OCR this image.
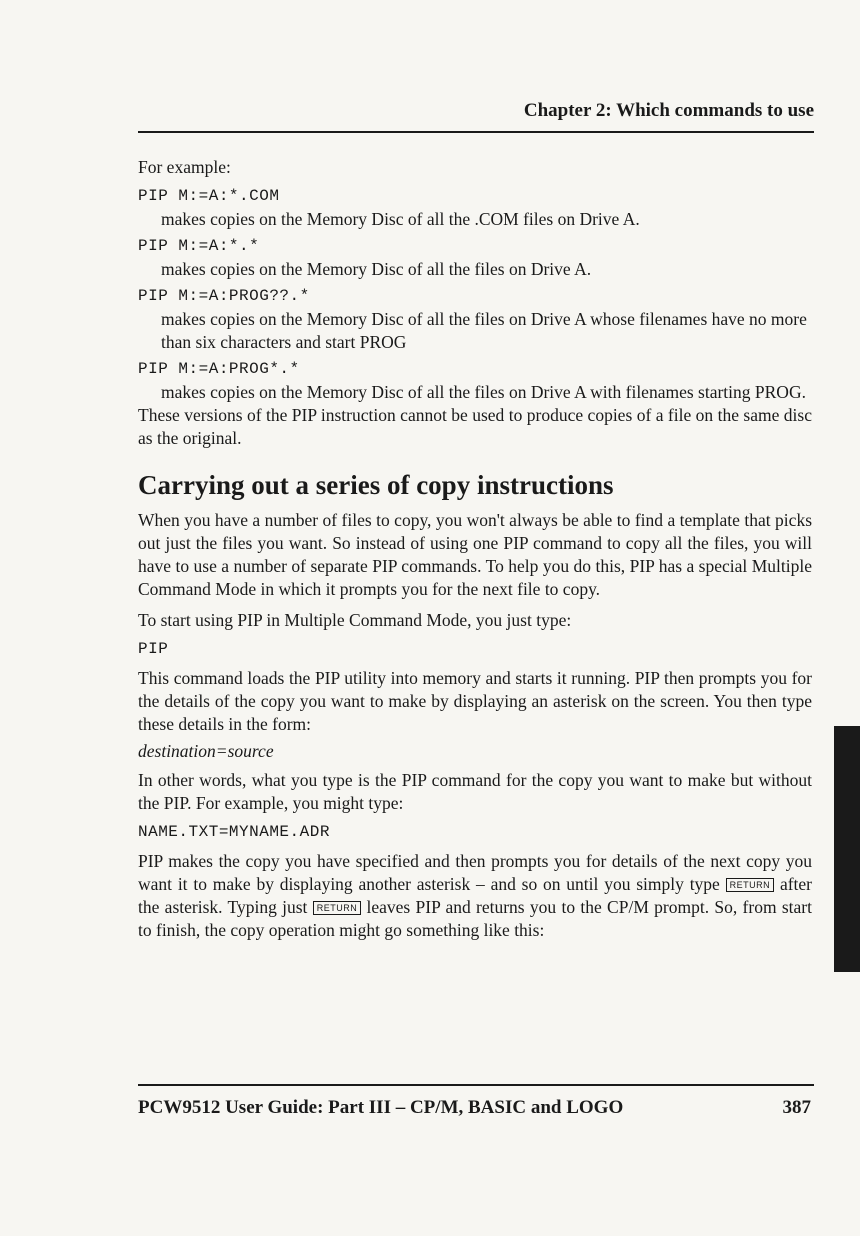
Chapter 2: Which commands to use

For example:

PIP M:=A:*.COM

makes copies on the Memory Disc of all the .COM files on Drive A.

PIP M:=A:*.*

makes copies on the Memory Disc of all the files on Drive A.

PIP M:=A:PROG??.*

makes copies on the Memory Disc of all the files on Drive A whose filenames have no more than six characters and start PROG

PIP M:=A:PROG*.*

makes copies on the Memory Disc of all the files on Drive A with filenames starting PROG.

These versions of the PIP instruction cannot be used to produce copies of a file on the same disc as the original.

Carrying out a series of copy instructions

When you have a number of files to copy, you won't always be able to find a template that picks out just the files you want. So instead of using one PIP command to copy all the files, you will have to use a number of separate PIP commands. To help you do this, PIP has a special Multiple Command Mode in which it prompts you for the next file to copy.

To start using PIP in Multiple Command Mode, you just type:

PIP

This command loads the PIP utility into memory and starts it running. PIP then prompts you for the details of the copy you want to make by displaying an asterisk on the screen. You then type these details in the form:

destination=source

In other words, what you type is the PIP command for the copy you want to make but without the PIP. For example, you might type:

NAME.TXT=MYNAME.ADR

PIP makes the copy you have specified and then prompts you for details of the next copy you want it to make by displaying another asterisk – and so on until you simply type RETURN after the asterisk. Typing just RETURN leaves PIP and returns you to the CP/M prompt. So, from start to finish, the copy operation might go something like this:

PCW9512 User Guide: Part III – CP/M, BASIC and LOGO	387
